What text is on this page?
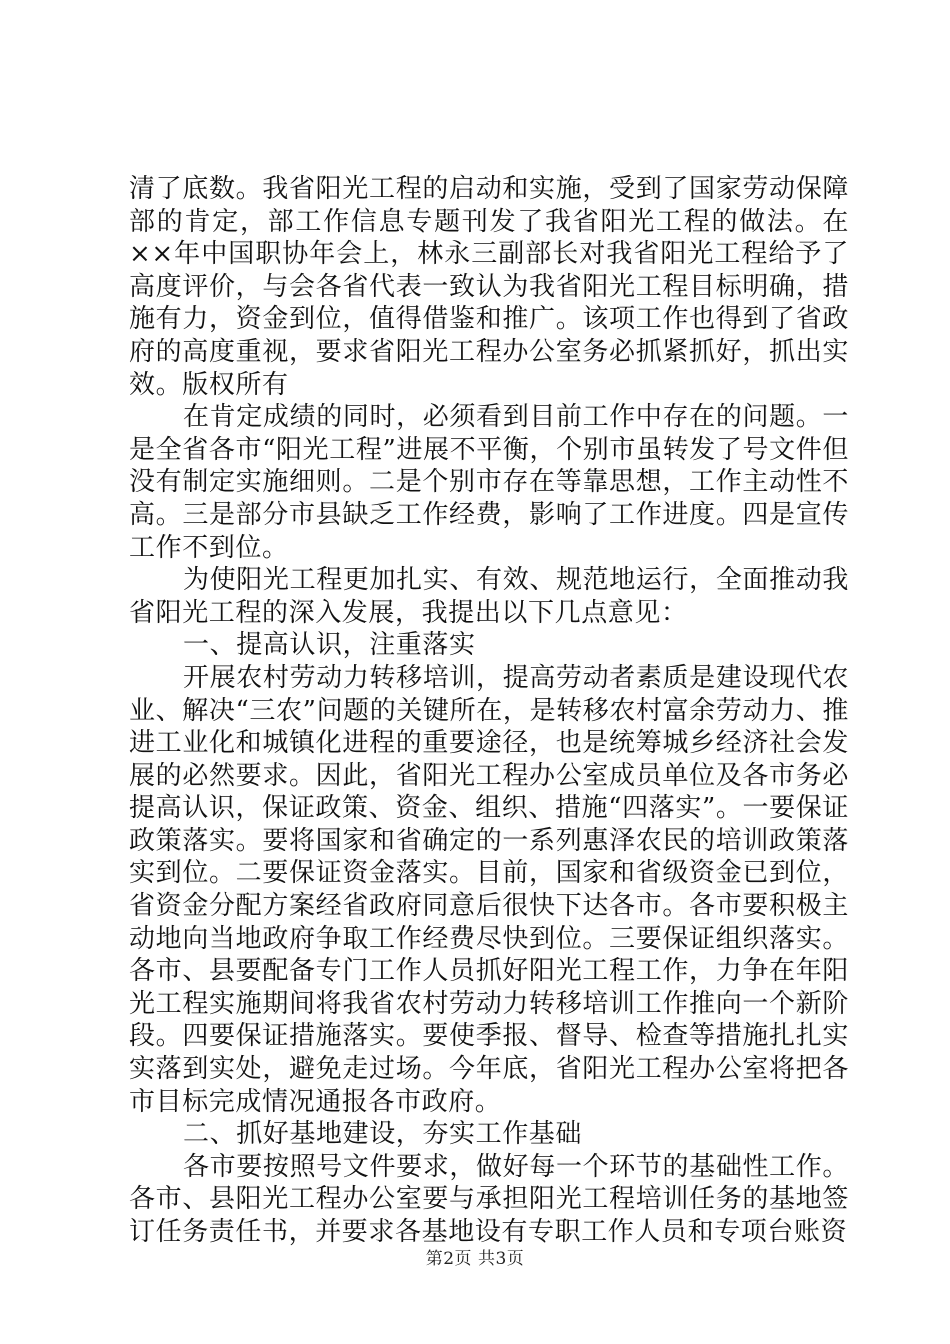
清了底数。我省阳光工程的启动和实施，受到了国家劳动保障部的肯定，部工作信息专题刊发了我省阳光工程的做法。在××年中国职协年会上，林永三副部长对我省阳光工程给予了高度评价，与会各省代表一致认为我省阳光工程目标明确，措施有力，资金到位，值得借鉴和推广。该项工作也得到了省政府的高度重视，要求省阳光工程办公室务必抓紧抓好，抓出实效。版权所有

在肯定成绩的同时，必须看到目前工作中存在的问题。一是全省各市“阳光工程”进展不平衡，个别市虽转发了号文件但没有制定实施细则。二是个别市存在等靠思想，工作主动性不高。三是部分市县缺乏工作经费，影响了工作进度。四是宣传工作不到位。

为使阳光工程更加扎实、有效、规范地运行，全面推动我省阳光工程的深入发展，我提出以下几点意见：

一、提高认识，注重落实

开展农村劳动力转移培训，提高劳动者素质是建设现代农业、解决“三农”问题的关键所在，是转移农村富余劳动力、推进工业化和城镇化进程的重要途径，也是统筹城乡经济社会发展的必然要求。因此，省阳光工程办公室成员单位及各市务必提高认识，保证政策、资金、组织、措施“四落实”。一要保证政策落实。要将国家和省确定的一系列惠泽农民的培训政策落实到位。二要保证资金落实。目前，国家和省级资金已到位，省资金分配方案经省政府同意后很快下达各市。各市要积极主动地向当地政府争取工作经费尽快到位。三要保证组织落实。各市、县要配备专门工作人员抓好阳光工程工作，力争在年阳光工程实施期间将我省农村劳动力转移培训工作推向一个新阶段。四要保证措施落实。要使季报、督导、检查等措施扎扎实实落到实处，避免走过场。今年底，省阳光工程办公室将把各市目标完成情况通报各市政府。

二、抓好基地建设，夯实工作基础

各市要按照号文件要求，做好每一个环节的基础性工作。各市、县阳光工程办公室要与承担阳光工程培训任务的基地签订任务责任书，并要求各基地设有专职工作人员和专项台账资

第2页 共3页
